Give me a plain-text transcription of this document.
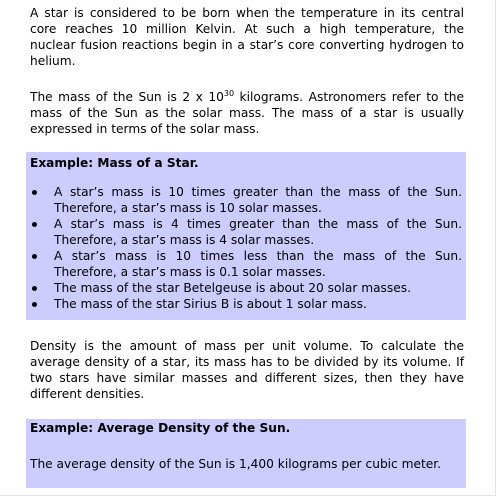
A star is considered to be born when the temperature in its central core reaches 10 million Kelvin. At such a high temperature, the nuclear fusion reactions begin in a star’s core converting hydrogen to helium.

The mass of the Sun is 2 x $10^{30}$ kilograms. Astronomers refer to the mass of the Sun as the solar mass. The mass of a star is usually expressed in terms of the solar mass.

Example: Mass of a Star.

A star’s mass is 10 times greater than the mass of the Sun. Therefore, a star’s mass is 10 solar masses.
A star’s mass is 4 times greater than the mass of the Sun. Therefore, a star’s mass is 4 solar masses.
A star’s mass is 10 times less than the mass of the Sun. Therefore, a star’s mass is 0.1 solar masses.
The mass of the star Betelgeuse is about 20 solar masses.
The mass of the star Sirius B is about 1 solar mass.

Density is the amount of mass per unit volume. To calculate the average density of a star, its mass has to be divided by its volume. If two stars have similar masses and different sizes, then they have different densities.

Example: Average Density of the Sun.

The average density of the Sun is 1,400 kilograms per cubic meter.
